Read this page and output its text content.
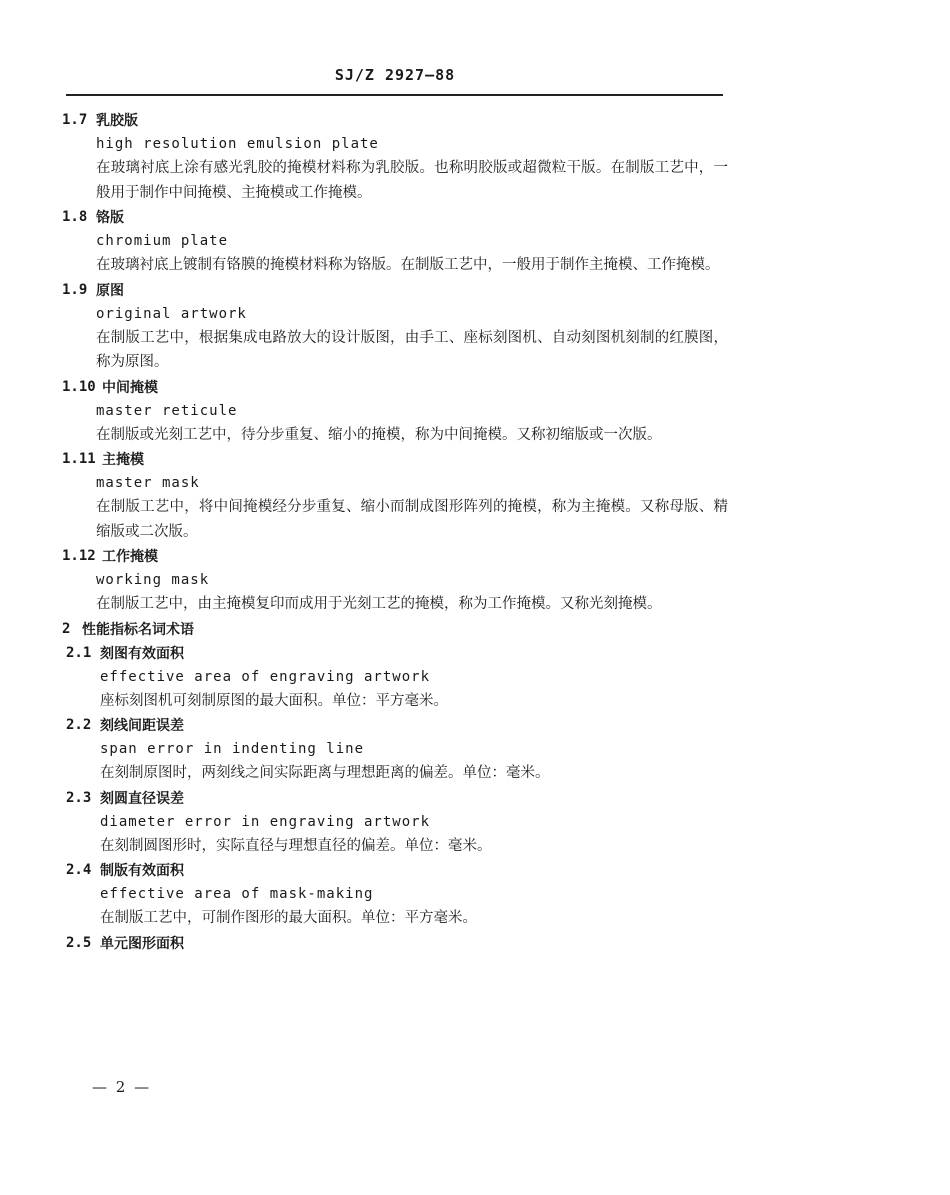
SJ/Z 2927—88
1.7 乳胶版
high resolution emulsion plate
在玻璃衬底上涂有感光乳胶的掩模材料称为乳胶版。也称明胶版或超微粒干版。在制版工艺中，一般用于制作中间掩模、主掩模或工作掩模。
1.8 铬版
chromium plate
在玻璃衬底上镀制有铬膜的掩模材料称为铬版。在制版工艺中，一般用于制作主掩模、工作掩模。
1.9 原图
original artwork
在制版工艺中，根据集成电路放大的设计版图，由手工、座标刻图机、自动刻图机刻制的红膜图，称为原图。
1.10 中间掩模
master reticule
在制版或光刻工艺中，待分步重复、缩小的掩模，称为中间掩模。又称初缩版或一次版。
1.11 主掩模
master mask
在制版工艺中，将中间掩模经分步重复、缩小而制成图形阵列的掩模，称为主掩模。又称母版、精缩版或二次版。
1.12 工作掩模
working mask
在制版工艺中，由主掩模复印而成用于光刻工艺的掩模，称为工作掩模。又称光刻掩模。
2 性能指标名词术语
2.1 刻图有效面积
effective area of engraving artwork
座标刻图机可刻制原图的最大面积。单位：平方毫米。
2.2 刻线间距误差
span error in indenting line
在刻制原图时，两刻线之间实际距离与理想距离的偏差。单位：毫米。
2.3 刻圆直径误差
diameter error in engraving artwork
在刻制圆图形时，实际直径与理想直径的偏差。单位：毫米。
2.4 制版有效面积
effective area of mask-making
在制版工艺中，可制作图形的最大面积。单位：平方毫米。
2.5 单元图形面积
— 2 —
